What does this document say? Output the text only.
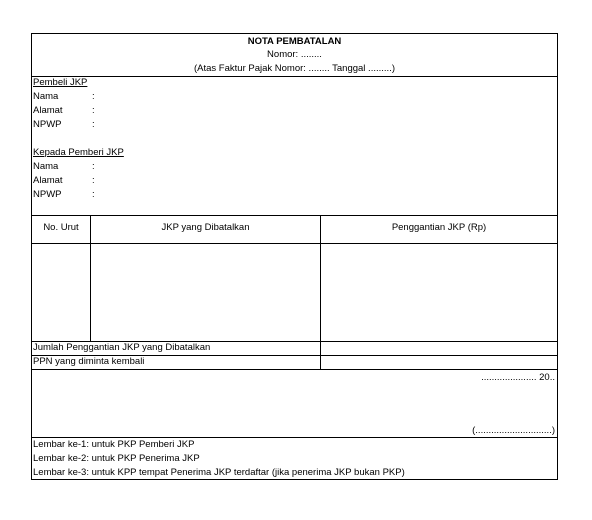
NOTA PEMBATALAN
Nomor: ........
(Atas Faktur Pajak Nomor: ........ Tanggal .........)
Pembeli JKP
Nama	:
Alamat	:
NPWP	:
Kepada Pemberi JKP
Nama	:
Alamat	:
NPWP	:
No. Urut	JKP yang Dibatalkan	Penggantian JKP (Rp)
Jumlah Penggantian JKP yang Dibatalkan
PPN yang diminta kembali
..................... 20..
(.............................)
Lembar ke-1: untuk PKP Pemberi JKP
Lembar ke-2: untuk PKP Penerima JKP
Lembar ke-3: untuk KPP tempat Penerima JKP terdaftar (jika penerima JKP bukan PKP)
